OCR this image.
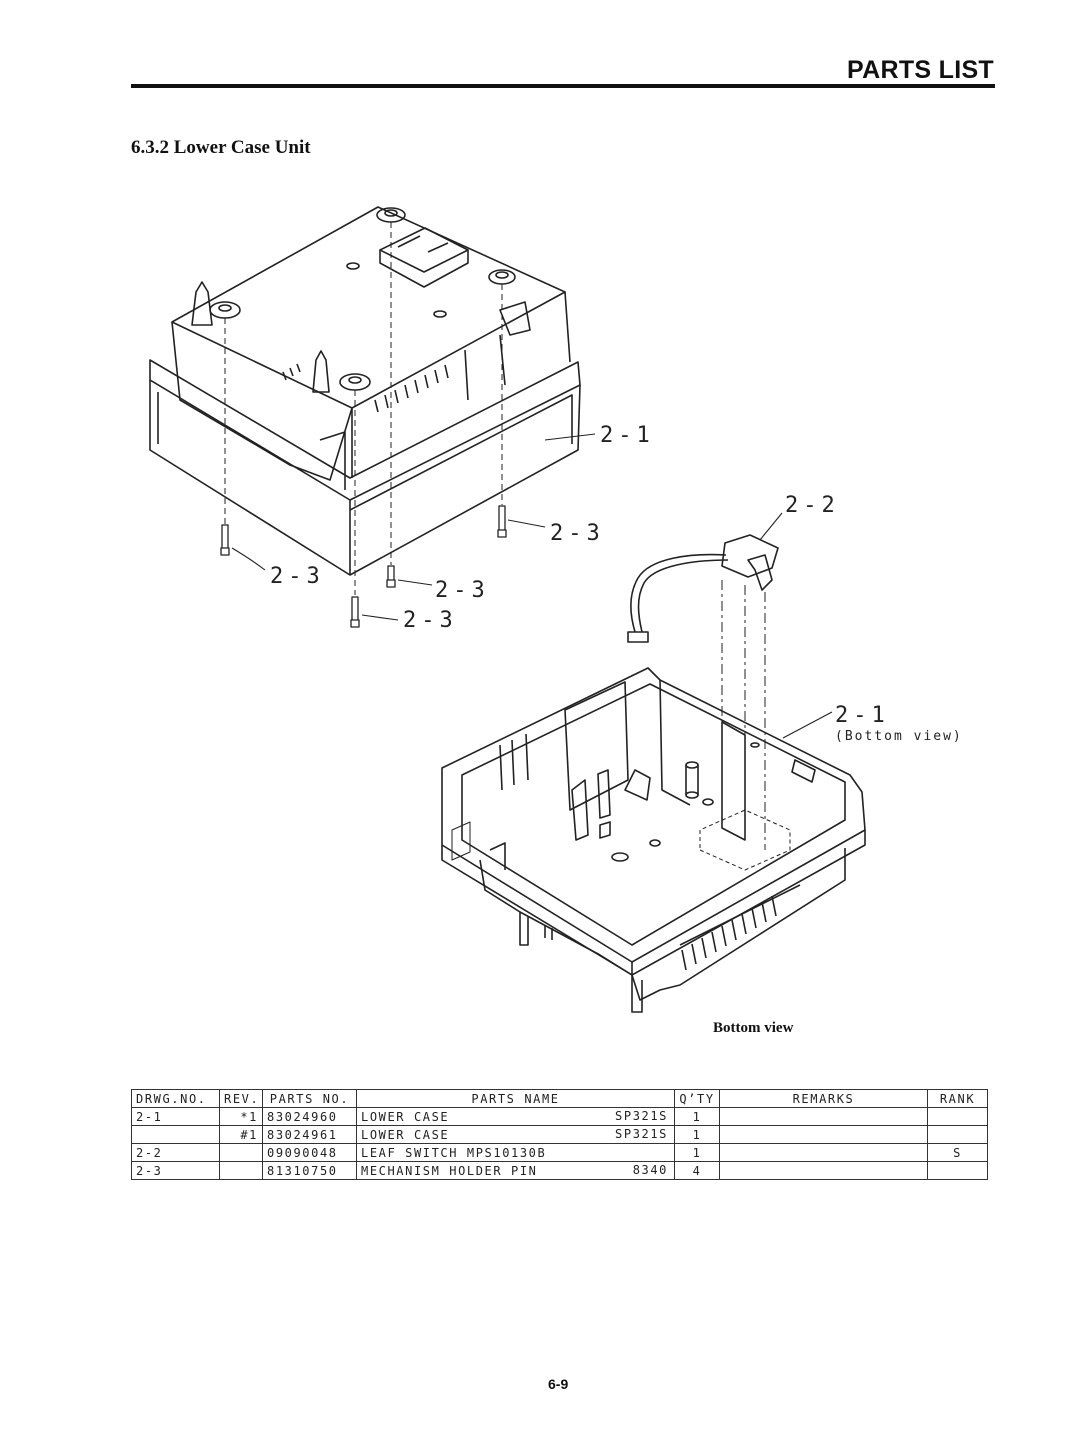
PARTS LIST
6.3.2 Lower Case Unit
2-1
2-2
2-3
2-3
2-3
2-3
2-1
(Bottom view)
Bottom view
DRWG.NO.	REV.	PARTS NO.	PARTS NAME	Q’TY	REMARKS	RANK
2-1	*1	83024960	LOWER CASE SP321S	1		
	#1	83024961	LOWER CASE SP321S	1		
2-2		09090048	LEAF SWITCH MPS10130B	1		S
2-3		81310750	MECHANISM HOLDER PIN 8340	4		
6-9
